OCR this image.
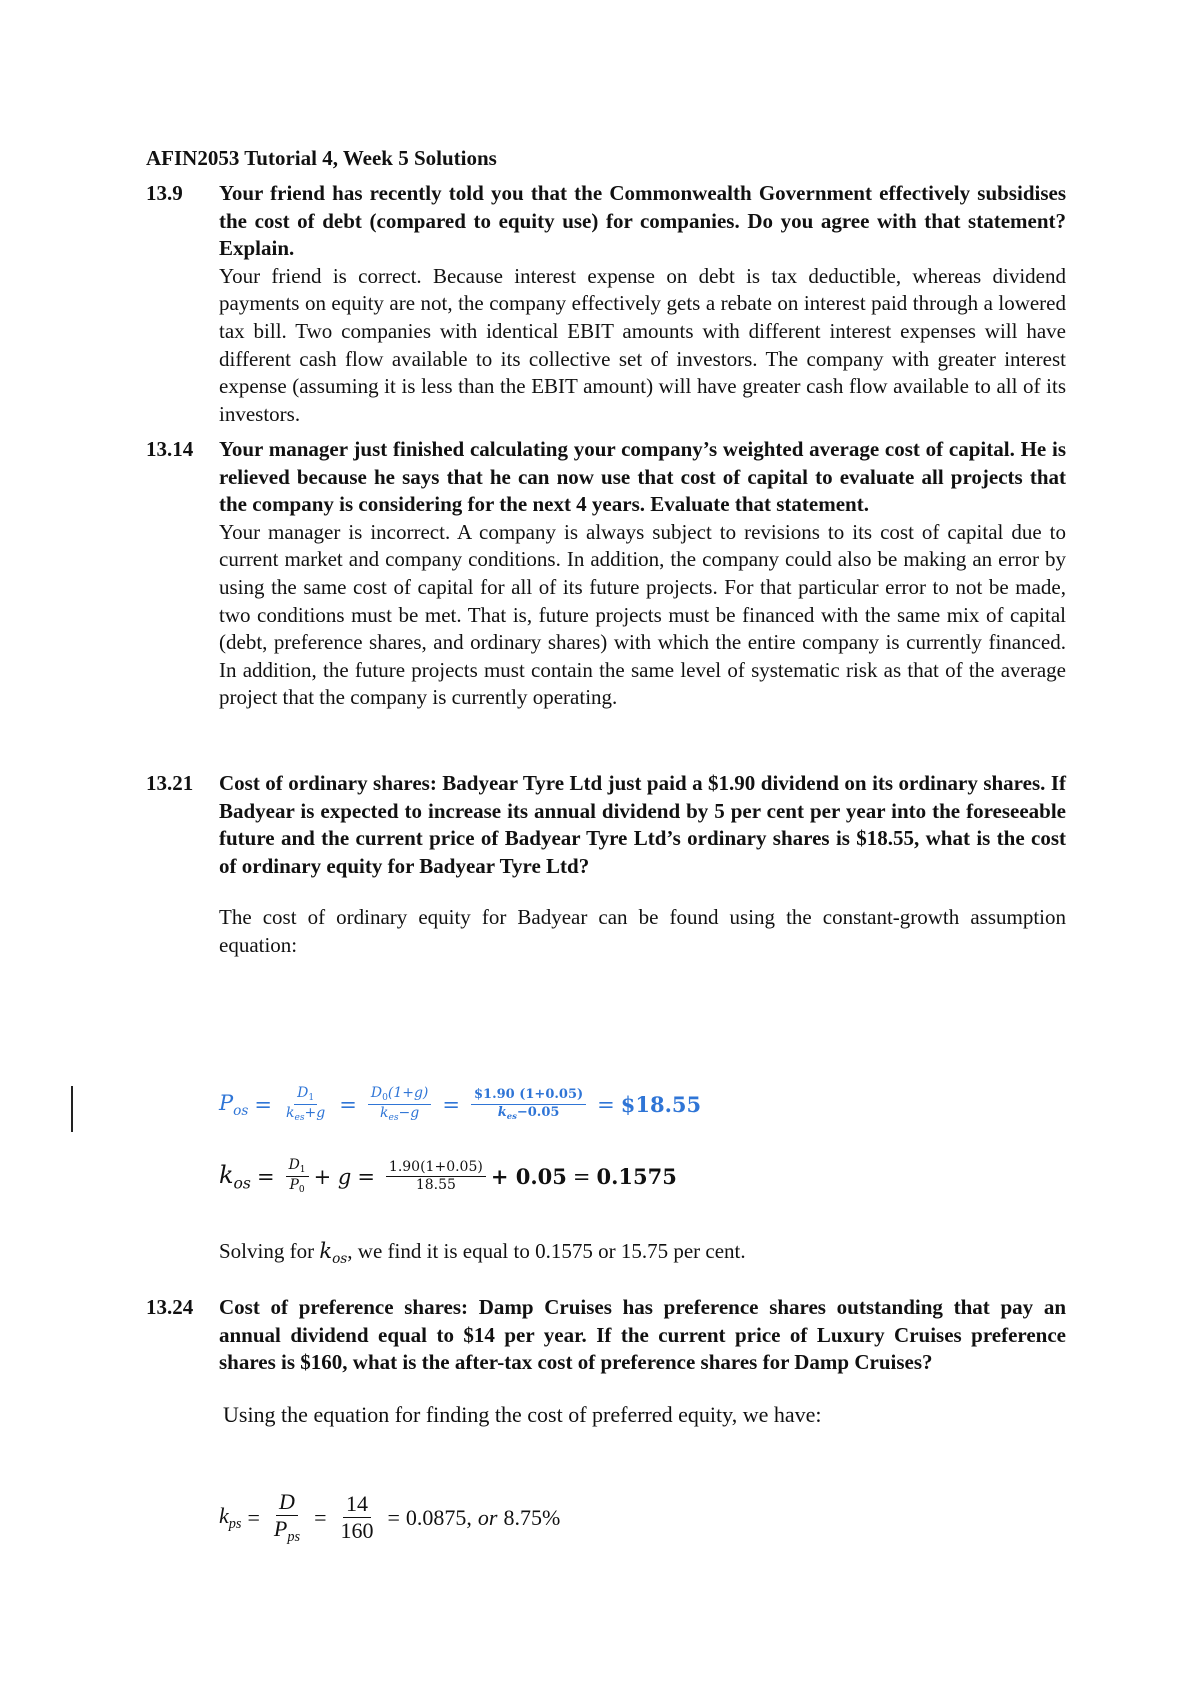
AFIN2053 Tutorial 4, Week 5 Solutions
13.9 Your friend has recently told you that the Commonwealth Government effectively subsidises the cost of debt (compared to equity use) for companies. Do you agree with that statement? Explain.
Your friend is correct. Because interest expense on debt is tax deductible, whereas dividend payments on equity are not, the company effectively gets a rebate on interest paid through a lowered tax bill. Two companies with identical EBIT amounts with different interest expenses will have different cash flow available to its collective set of investors. The company with greater interest expense (assuming it is less than the EBIT amount) will have greater cash flow available to all of its investors.
13.14 Your manager just finished calculating your company’s weighted average cost of capital. He is relieved because he says that he can now use that cost of capital to evaluate all projects that the company is considering for the next 4 years. Evaluate that statement.
Your manager is incorrect. A company is always subject to revisions to its cost of capital due to current market and company conditions. In addition, the company could also be making an error by using the same cost of capital for all of its future projects. For that particular error to not be made, two conditions must be met. That is, future projects must be financed with the same mix of capital (debt, preference shares, and ordinary shares) with which the entire company is currently financed. In addition, the future projects must contain the same level of systematic risk as that of the average project that the company is currently operating.
13.21 Cost of ordinary shares: Badyear Tyre Ltd just paid a $1.90 dividend on its ordinary shares. If Badyear is expected to increase its annual dividend by 5 per cent per year into the foreseeable future and the current price of Badyear Tyre Ltd’s ordinary shares is $18.55, what is the cost of ordinary equity for Badyear Tyre Ltd?
The cost of ordinary equity for Badyear can be found using the constant-growth assumption equation:
$P_{os} = \frac{D_1}{k_{es}+g} = \frac{D_0(1+g)}{k_{es}-g} = \frac{\$1.90 (1+0.05)}{k_{es}-0.05}$ = $18.55
$k_{os} = \frac{D_1}{P_0} + g = \frac{1.90(1+0.05)}{18.55} + 0.05 = 0.1575$
Solving for $k_{os}$, we find it is equal to 0.1575 or 15.75 per cent.
13.24 Cost of preference shares: Damp Cruises has preference shares outstanding that pay an annual dividend equal to $14 per year. If the current price of Luxury Cruises preference shares is $160, what is the after-tax cost of preference shares for Damp Cruises?
Using the equation for finding the cost of preferred equity, we have:
$k_{ps} = \frac{D}{P_{ps}} = \frac{14}{160} = 0.0875$, or 8.75%
